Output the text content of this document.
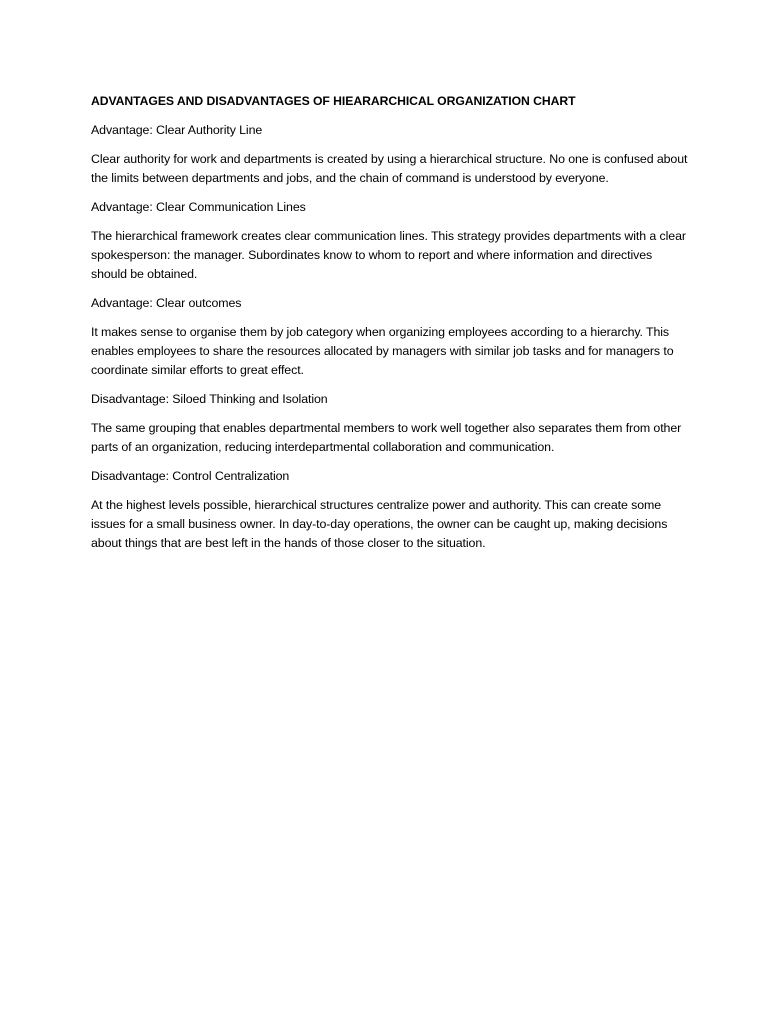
ADVANTAGES AND DISADVANTAGES OF HIEARARCHICAL ORGANIZATION CHART

Advantage: Clear Authority Line

Clear authority for work and departments is created by using a hierarchical structure. No one is confused about the limits between departments and jobs, and the chain of command is understood by everyone.

Advantage: Clear Communication Lines

The hierarchical framework creates clear communication lines. This strategy provides departments with a clear spokesperson: the manager. Subordinates know to whom to report and where information and directives should be obtained.

Advantage: Clear outcomes

It makes sense to organise them by job category when organizing employees according to a hierarchy. This enables employees to share the resources allocated by managers with similar job tasks and for managers to coordinate similar efforts to great effect.

Disadvantage: Siloed Thinking and Isolation

The same grouping that enables departmental members to work well together also separates them from other parts of an organization, reducing interdepartmental collaboration and communication.

Disadvantage: Control Centralization

At the highest levels possible, hierarchical structures centralize power and authority. This can create some issues for a small business owner. In day-to-day operations, the owner can be caught up, making decisions about things that are best left in the hands of those closer to the situation.
